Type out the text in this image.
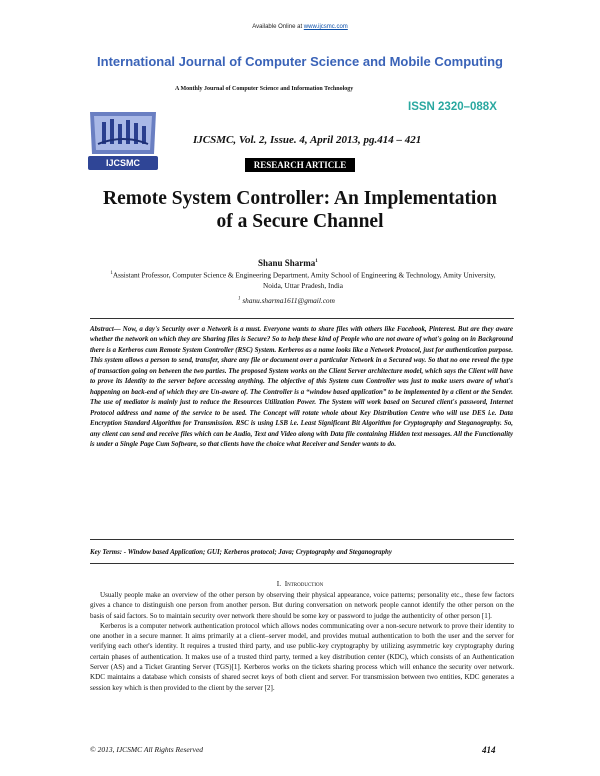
Available Online at www.ijcsmc.com
International Journal of Computer Science and Mobile Computing
A Monthly Journal of Computer Science and Information Technology
ISSN 2320–088X
IJCSMC
IJCSMC, Vol. 2, Issue. 4, April 2013, pg.414 – 421
RESEARCH ARTICLE
Remote System Controller: An Implementation
of a Secure Channel
Shanu Sharma$^1$
$^1$Assistant Professor, Computer Science & Engineering Department, Amity School of Engineering & Technology, Amity University, Noida, Uttar Pradesh, India
$^1$ shanu.sharma1611@gmail.com
Abstract— Now, a day's Security over a Network is a must. Everyone wants to share files with others like Facebook, Pinterest. But are they aware whether the network on which they are Sharing files is Secure? So to help these kind of People who are not aware of what's going on in Background there is a Kerberos cum Remote System Controller (RSC) System. Kerberos as a name looks like a Network Protocol, just for authentication purpose. This system allows a person to send, transfer, share any file or document over a particular Network in a Secured way. So that no one reveal the type of transaction going on between the two parties. The proposed System works on the Client Server architecture model, which says the Client will have to prove its Identity to the server before accessing anything. The objective of this System cum Controller was just to make users aware of what's happening on back-end of which they are Un-aware of. The Controller is a “window based application” to be implemented by a client or the Sender. The use of mediator is mainly just to reduce the Resources Utilization Power. The System will work based on Secured client's password, Internet Protocol address and name of the service to be used. The Concept will rotate whole about Key Distribution Centre who will use DES i.e. Data Encryption Standard Algorithm for Transmission. RSC is using LSB i.e. Least Significant Bit Algorithm for Cryptography and Steganography. So, any client can send and receive files which can be Audio, Text and Video along with Data file containing Hidden text messages. All the Functionality is under a Single Page Cum Software, so that clients have the choice what Receiver and Sender wants to do.
Key Terms: - Window based Application; GUI; Kerberos protocol; Java; Cryptography and Steganography
I. Introduction

Usually people make an overview of the other person by observing their physical appearance, voice patterns; personality etc., these few factors gives a chance to distinguish one person from another person. But during conversation on network people cannot identify the other person on the basis of said factors. So to maintain security over network there should be some key or password to judge the authenticity of other person [1].

Kerberos is a computer network authentication protocol which allows nodes communicating over a non-secure network to prove their identity to one another in a secure manner. It aims primarily at a client–server model, and provides mutual authentication to both the user and the server for verifying each other's identity. It requires a trusted third party, and use public-key cryptography by utilizing asymmetric key cryptography during certain phases of authentication. It makes use of a trusted third party, termed a key distribution center (KDC), which consists of an Authentication Server (AS) and a Ticket Granting Server (TGS)[1]. Kerberos works on the tickets sharing process which will enhance the security over network. KDC maintains a database which consists of shared secret keys of both client and server. For transmission between two entities, KDC generates a session key which is then provided to the client by the server [2].

© 2013, IJCSMC All Rights Reserved	414
